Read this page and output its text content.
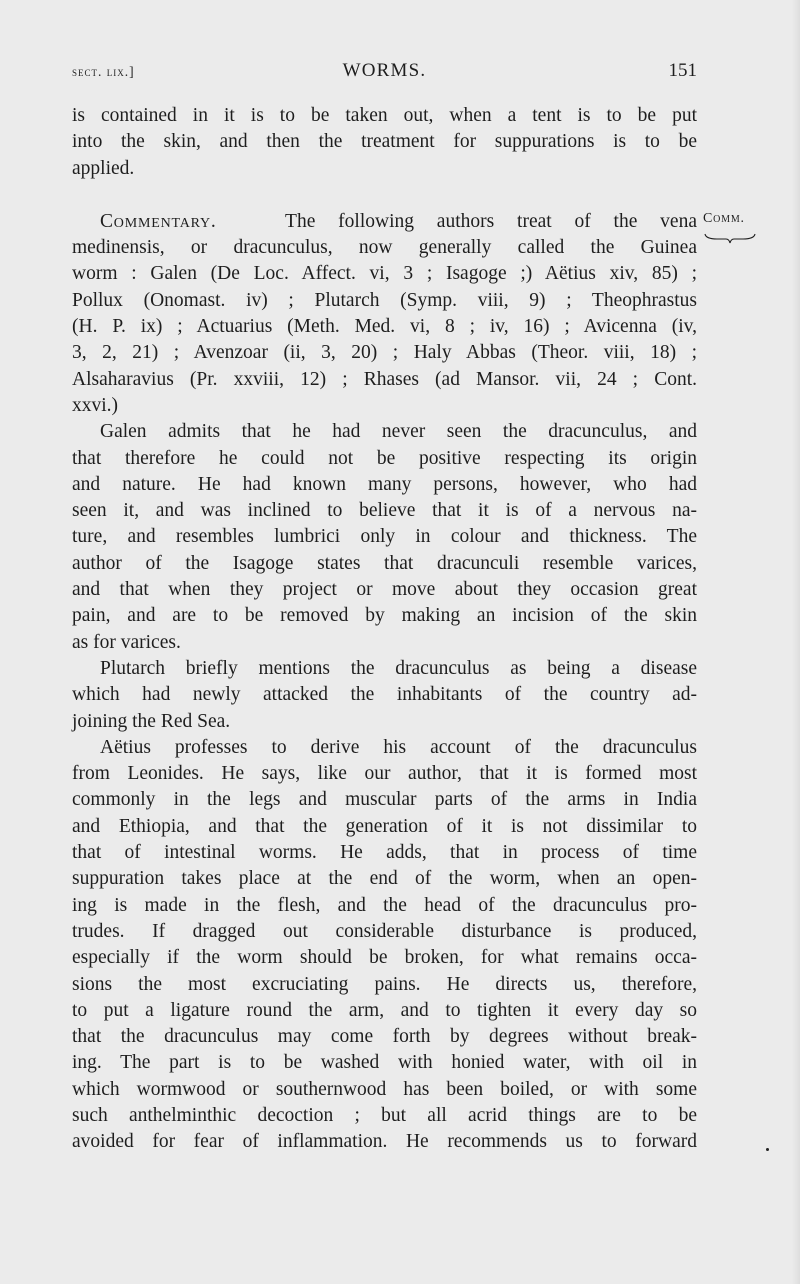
sect. lix.]	WORMS.	151
Comm.
is contained in it is to be taken out, when a tent is to be put
into the skin, and then the treatment for suppurations is to be
applied.
Commentary.	The following authors treat of the vena
medinensis, or dracunculus, now generally called the Guinea
worm : Galen (De Loc. Affect. vi, 3 ; Isagoge ;) Aëtius xiv, 85) ;
Pollux (Onomast. iv) ; Plutarch (Symp. viii, 9) ; Theophrastus
(H. P. ix) ; Actuarius (Meth. Med. vi, 8 ; iv, 16) ; Avicenna (iv,
3, 2, 21) ; Avenzoar (ii, 3, 20) ; Haly Abbas (Theor. viii, 18) ;
Alsaharavius (Pr. xxviii, 12) ; Rhases (ad Mansor. vii, 24 ; Cont.
xxvi.)
Galen admits that he had never seen the dracunculus, and
that therefore he could not be positive respecting its origin
and nature. He had known many persons, however, who had
seen it, and was inclined to believe that it is of a nervous na-
ture, and resembles lumbrici only in colour and thickness. The
author of the Isagoge states that dracunculi resemble varices,
and that when they project or move about they occasion great
pain, and are to be removed by making an incision of the skin
as for varices.
Plutarch briefly mentions the dracunculus as being a disease
which had newly attacked the inhabitants of the country ad-
joining the Red Sea.
Aëtius professes to derive his account of the dracunculus
from Leonides. He says, like our author, that it is formed most
commonly in the legs and muscular parts of the arms in India
and Ethiopia, and that the generation of it is not dissimilar to
that of intestinal worms. He adds, that in process of time
suppuration takes place at the end of the worm, when an open-
ing is made in the flesh, and the head of the dracunculus pro-
trudes. If dragged out considerable disturbance is produced,
especially if the worm should be broken, for what remains occa-
sions the most excruciating pains. He directs us, therefore,
to put a ligature round the arm, and to tighten it every day so
that the dracunculus may come forth by degrees without break-
ing. The part is to be washed with honied water, with oil in
which wormwood or southernwood has been boiled, or with some
such anthelminthic decoction ; but all acrid things are to be
avoided for fear of inflammation. He recommends us to forward
